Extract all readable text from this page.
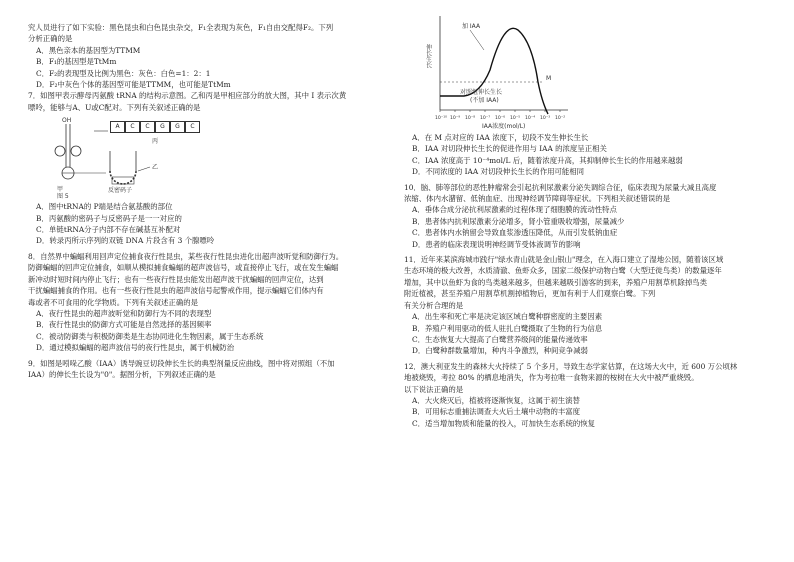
究人员进行了如下实验：黑色昆虫和白色昆虫杂交，F₁全表现为灰色，F₁自由交配得F₂。下列

分析正确的是

A．黑色亲本的基因型为TTMM

B．F₁的基因型是TtMm

C．F₂的表现型及比例为黑色：灰色：白色=1：2：1

D．F₂中灰色个体的基因型可能是TTMM，也可能是TtMm

7．如图甲表示酵母丙氨酸 tRNA 的结构示意图。乙和丙是甲相应部分的放大图，其中 I 表示次黄

嘌呤，能够与A、U或C配对。下列有关叙述正确的是

OH
乙
丙
甲	反密码子
图 5
A	C	C	G	G	C

A．图中tRNA的 P端是结合氨基酸的部位

B．丙氨酸的密码子与反密码子是一一对应的

C．单链tRNA分子内部不存在碱基互补配对

D．转录丙所示序列的双链 DNA 片段含有 3 个腺嘌呤

8．自然界中蝙蝠利用回声定位捕食夜行性昆虫，某些夜行性昆虫进化出超声波听觉和防御行为。

防御蝙蝠的回声定位捕食，如顺从模拟捕食蝙蝠的超声波信号，或直接停止飞行，或在发生蝙蝠

新冲动时短时间内停止飞行；也有一些夜行性昆虫能发出超声波干扰蝙蝠的回声定位，达到

干扰蝙蝠捕食的作用。也有一些夜行性昆虫的超声波信号起警戒作用，提示蝙蝠它们体内有

毒或者不可食用的化学物质。下列有关叙述正确的是

A．夜行性昆虫的超声波听觉和防御行为不同的表现型

B．夜行性昆虫的防御方式可能是自然选择的基因频率

C．被动防御类与积极防御类是生态协同进化生物因素，属于生态系统

D．通过模拟蝙蝠的超声波信号的夜行性昆虫，属于机械防治

9．如图是吲哚乙酸（IAA）诱导豌豆切段伸长生长的典型剂量反应曲线，图中将对照组（不加

IAA）的伸长生长设为"0"。据图分析，下列叙述正确的是

伸长生长
加 IAA
M
对照组伸长生长
(不加 IAA)
10⁻¹⁰ 10⁻⁹ 10⁻⁸ 10⁻⁷ 10⁻⁶ 10⁻⁵ 10⁻⁴ 10⁻³ 10⁻²
IAA浓度(mol/L)

A．在 M 点对应的 IAA 浓度下，切段不发生伸长生长

B．IAA 对切段伸长生长的促进作用与 IAA 的浓度呈正相关

C．IAA 浓度高于 10⁻⁴mol/L 后，随着浓度升高，其抑制伸长生长的作用越来越弱

D．不同浓度的 IAA 对切段伸长生长的作用可能相同

10．脑、肺等部位的恶性肿瘤常会引起抗利尿激素分泌失调综合征，临床表现为尿量大减且高度

浓缩、体内水潴留、低钠血症、出现神经调节障碍等症状。下列相关叙述错误的是

A．垂体合成分泌抗利尿激素的过程体现了细胞膜的流动性特点

B．患者体内抗利尿激素分泌增多，肾小管重吸收增强，尿量减少

C．患者体内水钠留会导致血浆渗透压降低，从而引发低钠血症

D．患者的临床表现说明神经调节受体液调节的影响

11．近年来某滨海城市践行"绿水青山就是金山银山"理念，在入海口建立了湿地公园，随着该区域

生态环境的极大改善，水质清澈、鱼虾众多，国家二级保护动物白鹭（大型迁徙鸟类）的数量逐年

增加，其中以鱼虾为食的鸟类越来越多，但越来越吸引游客的到来，养殖户用割草机除掉鸟类

附近植被，甚至养殖户用割草机割掉植物后，更加有利于人们观察白鹭。下列

有关分析合理的是

A．出生率和死亡率是决定该区域白鹭种群密度的主要因素

B．养殖户利用驱动的低人驻扎白鹭摄取了生物的行为信息

C．生态恢复大大提高了白鹭营养级间的能量传递效率

D．白鹭种群数量增加，种内斗争激烈，种间竞争减弱

12．澳大利亚发生的森林大火持续了 5 个多月，导致生态学家估算，在这场大火中，近 600 万公顷林

地被烧毁，考拉 80% 的栖息地消失，作为考拉唯一食物来源的桉树在大火中被严重烧毁。

以下说法正确的是

A．大火烧灭后，植被将逐渐恢复，这属于初生演替

B．可用标志重捕法调查大火后土壤中动物的丰富度

C．适当增加物质和能量的投入，可加快生态系统的恢复
